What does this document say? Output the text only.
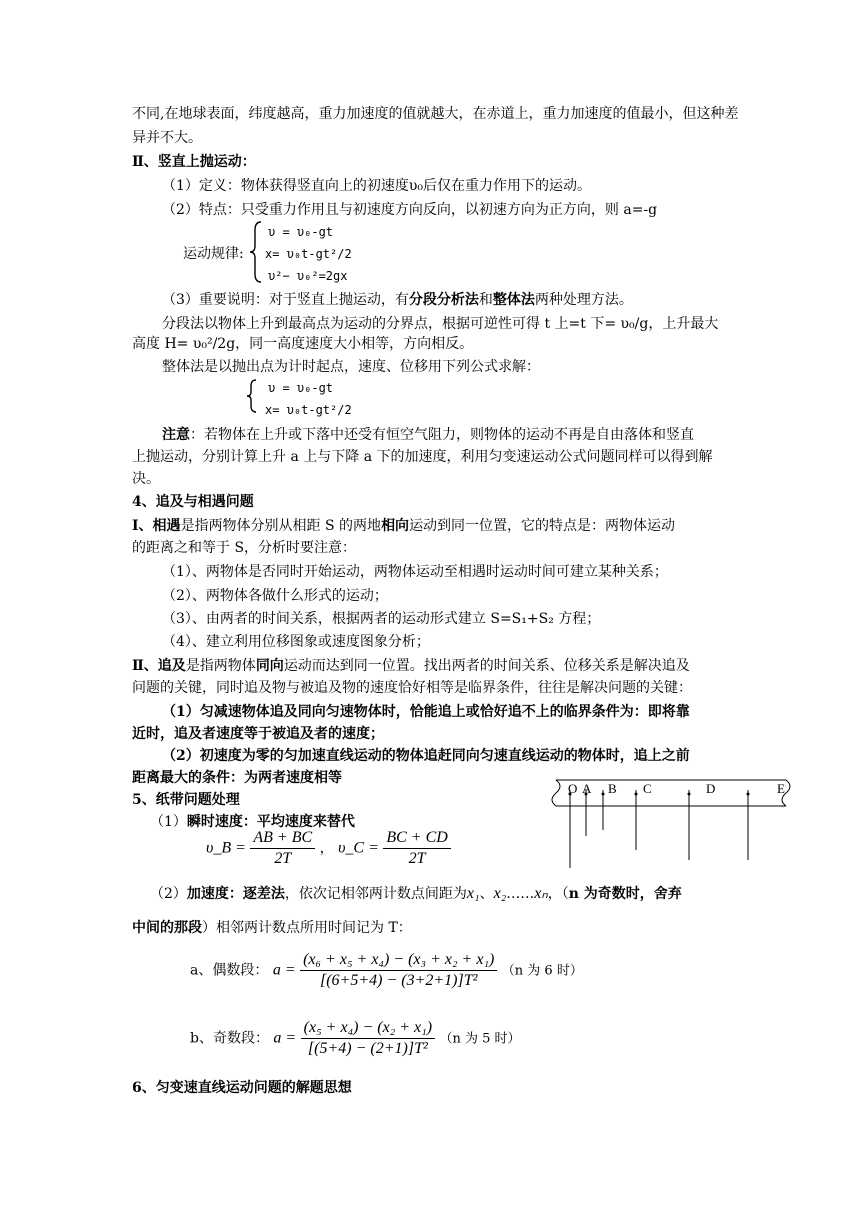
不同,在地球表面，纬度越高，重力加速度的值就越大，在赤道上，重力加速度的值最小，但这种差
异并不大。
Ⅱ、竖直上抛运动：
（1）定义：物体获得竖直向上的初速度υ₀后仅在重力作用下的运动。
（2）特点：只受重力作用且与初速度方向反向，以初速方向为正方向，则 a=-g
运动规律:
υ = υ₀-gt
x= υ₀t-gt²/2
υ²− υ₀²=2gx
（3）重要说明：对于竖直上抛运动，有分段分析法和整体法两种处理方法。
分段法以物体上升到最高点为运动的分界点，根据可逆性可得 t 上=t 下= υ₀/g，上升最大
高度 H= υ₀²/2g，同一高度速度大小相等，方向相反。
整体法是以抛出点为计时起点，速度、位移用下列公式求解：
υ = υ₀-gt
x= υ₀t-gt²/2
注意：若物体在上升或下落中还受有恒空气阻力，则物体的运动不再是自由落体和竖直
上抛运动，分别计算上升 a 上与下降 a 下的加速度，利用匀变速运动公式问题同样可以得到解
决。
4、追及与相遇问题
Ⅰ、相遇是指两物体分别从相距 S 的两地相向运动到同一位置，它的特点是：两物体运动
的距离之和等于 S，分析时要注意：
（1）、两物体是否同时开始运动，两物体运动至相遇时运动时间可建立某种关系；
（2）、两物体各做什么形式的运动；
（3）、由两者的时间关系，根据两者的运动形式建立 S=S₁+S₂ 方程；
（4）、建立利用位移图象或速度图象分析；
Ⅱ、追及是指两物体同向运动而达到同一位置。找出两者的时间关系、位移关系是解决追及
问题的关键，同时追及物与被追及物的速度恰好相等是临界条件，往往是解决问题的关键：
（1）匀减速物体追及同向匀速物体时，恰能追上或恰好追不上的临界条件为：即将靠
近时，追及者速度等于被追及者的速度；
（2）初速度为零的匀加速直线运动的物体追赶同向匀速直线运动的物体时，追上之前
距离最大的条件：为两者速度相等
5、纸带问题处理
（1）瞬时速度：平均速度来替代
O A B C	D	E
υ_B = $\frac{AB + BC}{2T}$ ， υ_C = $\frac{BC + CD}{2T}$
（2）加速度：逐差法，依次记相邻两计数点间距为x₁、x₂……xₙ，（n 为奇数时，舍弃
中间的那段）相邻两计数点所用时间记为 T：
a、偶数段： $a = \frac{\text{(x₆ + x₅ + x₄) − (x₃ + x₂ + x₁)}}{\text{[(6+5+4) − (3+2+1)]T²}} (n$ 为 6 时）
b、奇数段： $a = \frac{\text{(x₅ + x₄) − (x₂ + x₁)}}{\text{[(5+4) − (2+1)]T²}} (n$ 为 5 时）
6、匀变速直线运动问题的解题思想
